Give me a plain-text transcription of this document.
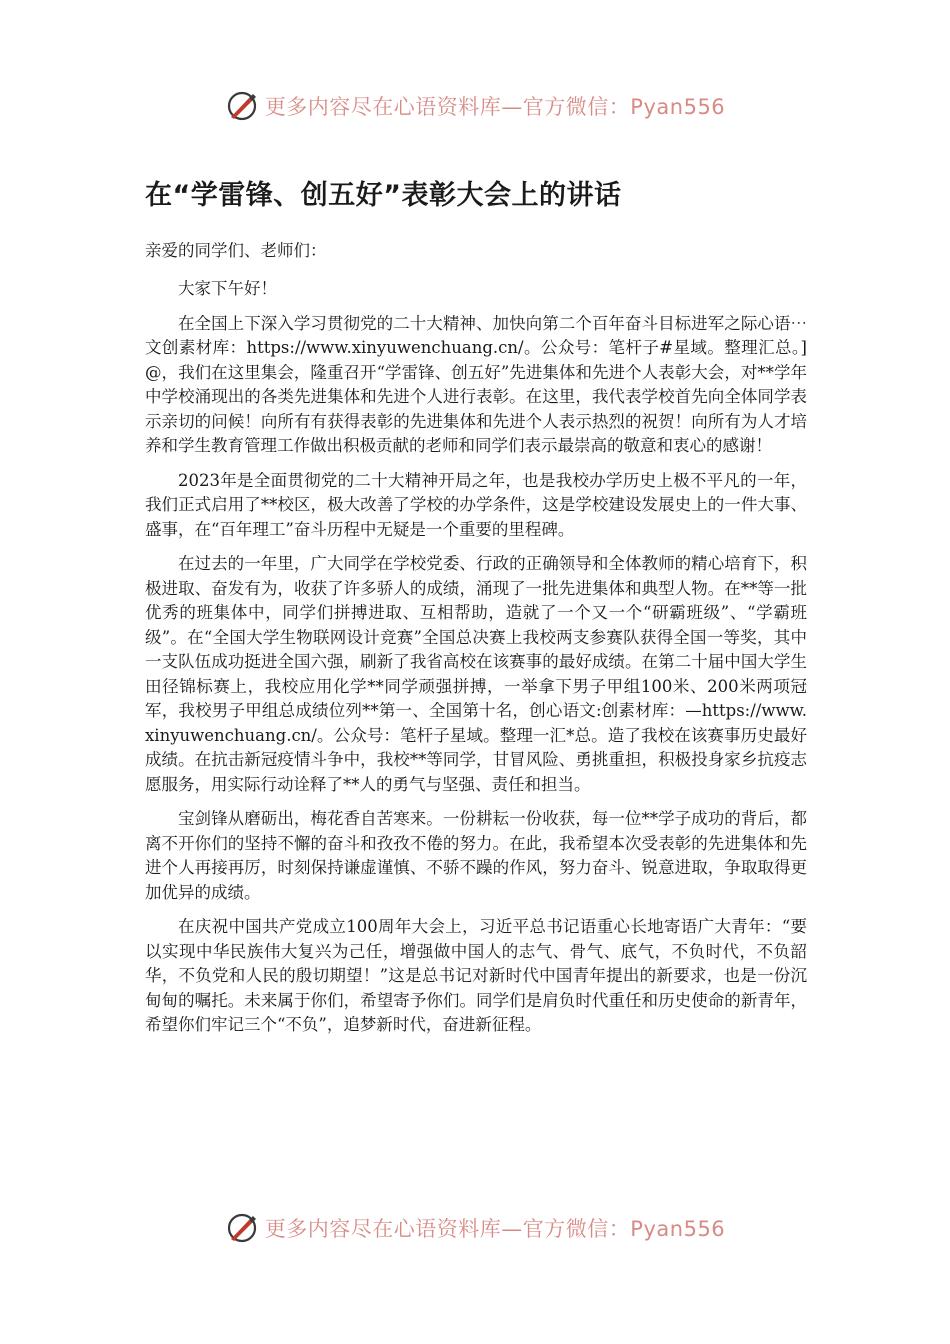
更多内容尽在心语资料库—官方微信：Pyan556
在“学雷锋、创五好”表彰大会上的讲话

亲爱的同学们、老师们：

大家下午好！

在全国上下深入学习贯彻党的二十大精神、加快向第二个百年奋斗目标进军之际心语⋯文创素材库：https://www.xinyuwenchuang.cn/。公众号：笔杆子#星域。整理汇总。]@，我们在这里集会，隆重召开“学雷锋、创五好”先进集体和先进个人表彰大会，对**学年中学校涌现出的各类先进集体和先进个人进行表彰。在这里，我代表学校首先向全体同学表示亲切的问候！向所有有获得表彰的先进集体和先进个人表示热烈的祝贺！向所有为人才培养和学生教育管理工作做出积极贡献的老师和同学们表示最崇高的敬意和衷心的感谢！

2023年是全面贯彻党的二十大精神开局之年，也是我校办学历史上极不平凡的一年，我们正式启用了**校区，极大改善了学校的办学条件，这是学校建设发展史上的一件大事、盛事，在“百年理工”奋斗历程中无疑是一个重要的里程碑。

在过去的一年里，广大同学在学校党委、行政的正确领导和全体教师的精心培育下，积极进取、奋发有为，收获了许多骄人的成绩，涌现了一批先进集体和典型人物。在**等一批优秀的班集体中，同学们拼搏进取、互相帮助，造就了一个又一个“研霸班级”、“学霸班级”。在“全国大学生物联网设计竞赛”全国总决赛上我校两支参赛队获得全国一等奖，其中一支队伍成功挺进全国六强，刷新了我省高校在该赛事的最好成绩。在第二十届中国大学生田径锦标赛上，我校应用化学**同学顽强拼搏，一举拿下男子甲组100米、200米两项冠军，我校男子甲组总成绩位列**第一、全国第十名，创心语文:创素材库：—https://www.xinyuwenchuang.cn/。公众号：笔杆子星域。整理一汇*总。造了我校在该赛事历史最好成绩。在抗击新冠疫情斗争中，我校**等同学，甘冒风险、勇挑重担，积极投身家乡抗疫志愿服务，用实际行动诠释了**人的勇气与坚强、责任和担当。

宝剑锋从磨砺出，梅花香自苦寒来。一份耕耘一份收获，每一位**学子成功的背后，都离不开你们的坚持不懈的奋斗和孜孜不倦的努力。在此，我希望本次受表彰的先进集体和先进个人再接再厉，时刻保持谦虚谨慎、不骄不躁的作风，努力奋斗、锐意进取，争取取得更加优异的成绩。

在庆祝中国共产党成立100周年大会上，习近平总书记语重心长地寄语广大青年：“要以实现中华民族伟大复兴为己任，增强做中国人的志气、骨气、底气，不负时代，不负韶华，不负党和人民的殷切期望！”这是总书记对新时代中国青年提出的新要求，也是一份沉甸甸的嘱托。未来属于你们，希望寄予你们。同学们是肩负时代重任和历史使命的新青年，希望你们牢记三个“不负”，追梦新时代，奋进新征程。

更多内容尽在心语资料库—官方微信：Pyan556
